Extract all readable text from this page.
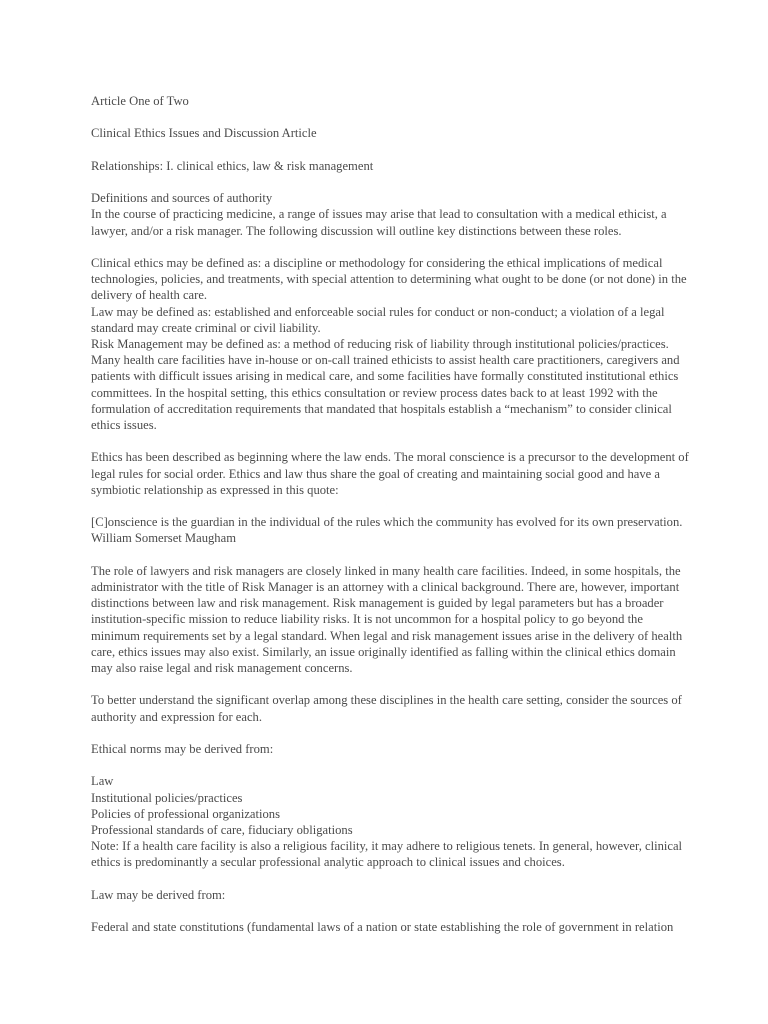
Article One of Two

Clinical Ethics Issues and Discussion Article

Relationships: I. clinical ethics, law & risk management

Definitions and sources of authority

In the course of practicing medicine, a range of issues may arise that lead to consultation with a medical ethicist, a lawyer, and/or a risk manager. The following discussion will outline key distinctions between these roles.

Clinical ethics may be defined as: a discipline or methodology for considering the ethical implications of medical technologies, policies, and treatments, with special attention to determining what ought to be done (or not done) in the delivery of health care.

Law may be defined as: established and enforceable social rules for conduct or non-conduct; a violation of a legal standard may create criminal or civil liability.

Risk Management may be defined as: a method of reducing risk of liability through institutional policies/practices. Many health care facilities have in-house or on-call trained ethicists to assist health care practitioners, caregivers and patients with difficult issues arising in medical care, and some facilities have formally constituted institutional ethics committees. In the hospital setting, this ethics consultation or review process dates back to at least 1992 with the formulation of accreditation requirements that mandated that hospitals establish a “mechanism” to consider clinical ethics issues.

Ethics has been described as beginning where the law ends. The moral conscience is a precursor to the development of legal rules for social order. Ethics and law thus share the goal of creating and maintaining social good and have a symbiotic relationship as expressed in this quote:

[C]onscience is the guardian in the individual of the rules which the community has evolved for its own preservation. William Somerset Maugham

The role of lawyers and risk managers are closely linked in many health care facilities. Indeed, in some hospitals, the administrator with the title of Risk Manager is an attorney with a clinical background. There are, however, important distinctions between law and risk management. Risk management is guided by legal parameters but has a broader institution-specific mission to reduce liability risks. It is not uncommon for a hospital policy to go beyond the minimum requirements set by a legal standard. When legal and risk management issues arise in the delivery of health care, ethics issues may also exist. Similarly, an issue originally identified as falling within the clinical ethics domain may also raise legal and risk management concerns.

To better understand the significant overlap among these disciplines in the health care setting, consider the sources of authority and expression for each.

Ethical norms may be derived from:

Law
Institutional policies/practices
Policies of professional organizations
Professional standards of care, fiduciary obligations
Note: If a health care facility is also a religious facility, it may adhere to religious tenets. In general, however, clinical ethics is predominantly a secular professional analytic approach to clinical issues and choices.

Law may be derived from:

Federal and state constitutions (fundamental laws of a nation or state establishing the role of government in relation
